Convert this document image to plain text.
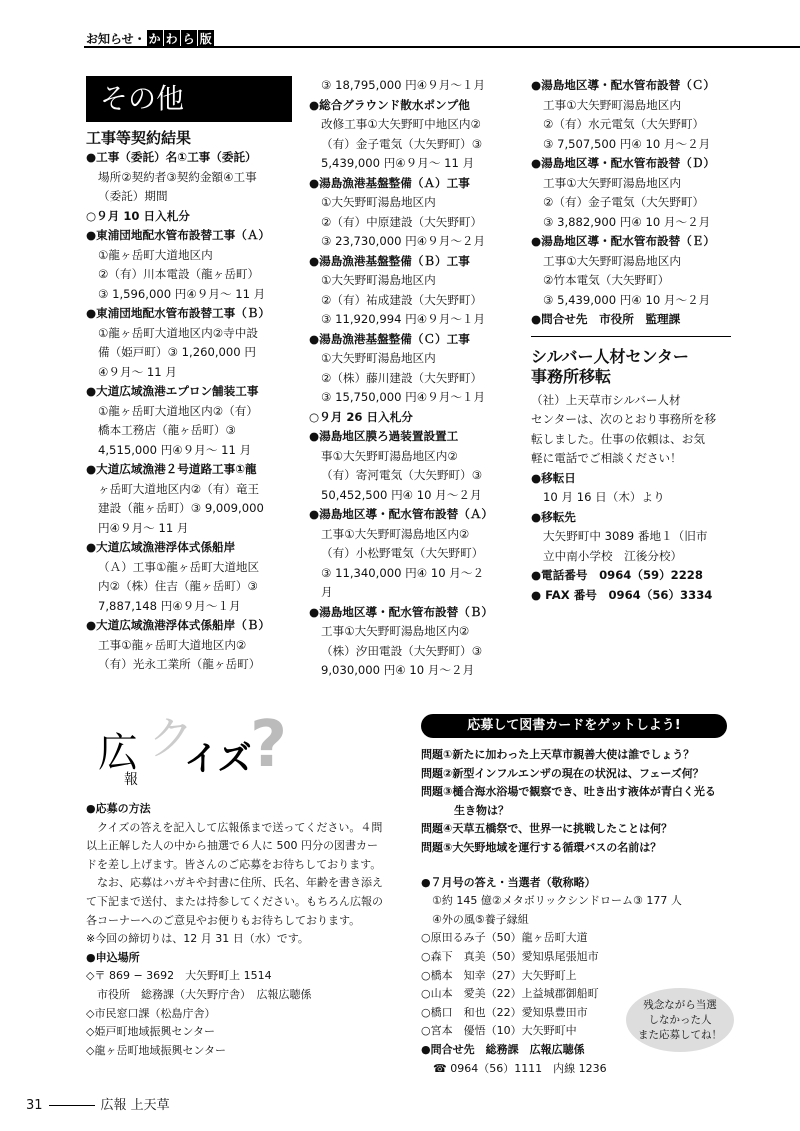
お知らせ・ か わ ら 版
その他
工事等契約結果

●工事（委託）名①工事（委託）

場所②契約者③契約金額④工事

（委託）期間

○９月 10 日入札分

●東浦団地配水管布設替工事（Ａ）

①龍ヶ岳町大道地区内

②（有）川本電設（龍ヶ岳町）

③ 1,596,000 円④９月～ 11 月

●東浦団地配水管布設替工事（Ｂ）

①龍ヶ岳町大道地区内②寺中設

備（姫戸町）③ 1,260,000 円

④９月～ 11 月

●大道広域漁港エプロン舗装工事

①龍ヶ岳町大道地区内②（有）

橋本工務店（龍ヶ岳町）③

4,515,000 円④９月～ 11 月

●大道広域漁港２号道路工事①龍

ヶ岳町大道地区内②（有）竜王

建設（龍ヶ岳町）③ 9,009,000

円④９月～ 11 月

●大道広域漁港浮体式係船岸

（Ａ）工事①龍ヶ岳町大道地区

内②（株）住吉（龍ヶ岳町）③

7,887,148 円④９月～１月

●大道広域漁港浮体式係船岸（Ｂ）

工事①龍ヶ岳町大道地区内②

（有）光永工業所（龍ヶ岳町）

③ 18,795,000 円④９月～１月

●総合グラウンド散水ポンプ他

改修工事①大矢野町中地区内②

（有）金子電気（大矢野町）③

5,439,000 円④９月～ 11 月

●湯島漁港基盤整備（Ａ）工事

①大矢野町湯島地区内

②（有）中原建設（大矢野町）

③ 23,730,000 円④９月～２月

●湯島漁港基盤整備（Ｂ）工事

①大矢野町湯島地区内

②（有）祐成建設（大矢野町）

③ 11,920,994 円④９月～１月

●湯島漁港基盤整備（Ｃ）工事

①大矢野町湯島地区内

②（株）藤川建設（大矢野町）

③ 15,750,000 円④９月～１月

○９月 26 日入札分

●湯島地区膜ろ過装置設置工

事①大矢野町湯島地区内②

（有）寄河電気（大矢野町）③

50,452,500 円④ 10 月～２月

●湯島地区導・配水管布設替（Ａ）

工事①大矢野町湯島地区内②

（有）小松野電気（大矢野町）

③ 11,340,000 円④ 10 月～２

月

●湯島地区導・配水管布設替（Ｂ）

工事①大矢野町湯島地区内②

（株）汐田電設（大矢野町）③

9,030,000 円④ 10 月～２月

●湯島地区導・配水管布設替（Ｃ）

工事①大矢野町湯島地区内

②（有）水元電気（大矢野町）

③ 7,507,500 円④ 10 月～２月

●湯島地区導・配水管布設替（Ｄ）

工事①大矢野町湯島地区内

②（有）金子電気（大矢野町）

③ 3,882,900 円④ 10 月～２月

●湯島地区導・配水管布設替（Ｅ）

工事①大矢野町湯島地区内

②竹本電気（大矢野町）

③ 5,439,000 円④ 10 月～２月

●問合せ先　市役所　監理課

シルバー人材センター
事務所移転

（社）上天草市シルバー人材

センターは、次のとおり事務所を移

転しました。仕事の依頼は、お気

軽に電話でご相談ください！

●移転日

10 月 16 日（木）より

●移転先

大矢野町中 3089 番地１（旧市

立中南小学校　江後分校）

●電話番号　0964（59）2228

● FAX 番号　0964（56）3334

広
報
ク
イズ
?

●応募の方法

　クイズの答えを記入して広報係まで送ってください。４問

以上正解した人の中から抽選で６人に 500 円分の図書カー

ドを差し上げます。皆さんのご応募をお待ちしております。

　なお、応募はハガキや封書に住所、氏名、年齢を書き添え

て下記まで送付、または持参してください。もちろん広報の

各コーナーへのご意見やお便りもお待ちしております。

※今回の締切りは、12 月 31 日（水）です。

●申込場所

◇〒 869 − 3692　大矢野町上 1514

　市役所　総務課（大矢野庁舎）　広報広聴係

◇市民窓口課（松島庁舎）

◇姫戸町地域振興センター

◇龍ヶ岳町地域振興センター

応募して図書カードをゲットしよう!

問題①新たに加わった上天草市親善大使は誰でしょう？

問題②新型インフルエンザの現在の状況は、フェーズ何？

問題③樋合海水浴場で観察でき、吐き出す液体が青白く光る

　　　生き物は？

問題④天草五橋祭で、世界一に挑戦したことは何？

問題⑤大矢野地域を運行する循環バスの名前は？

●７月号の答え・当選者（敬称略）

　①約 145 億②メタボリックシンドローム③ 177 人

　④外の風⑤養子縁組

○原田るみ子（50）龍ヶ岳町大道

○森下　真美（50）愛知県尾張旭市

○橋本　知幸（27）大矢野町上

○山本　愛美（22）上益城郡御船町

○橋口　和也（22）愛知県豊田市

○宮本　優悟（10）大矢野町中

●問合せ先　総務課　広報広聴係

☎ 0964（56）1111　内線 1236

残念ながら当選
しなかった人
また応募してね！
31	広報 上天草
